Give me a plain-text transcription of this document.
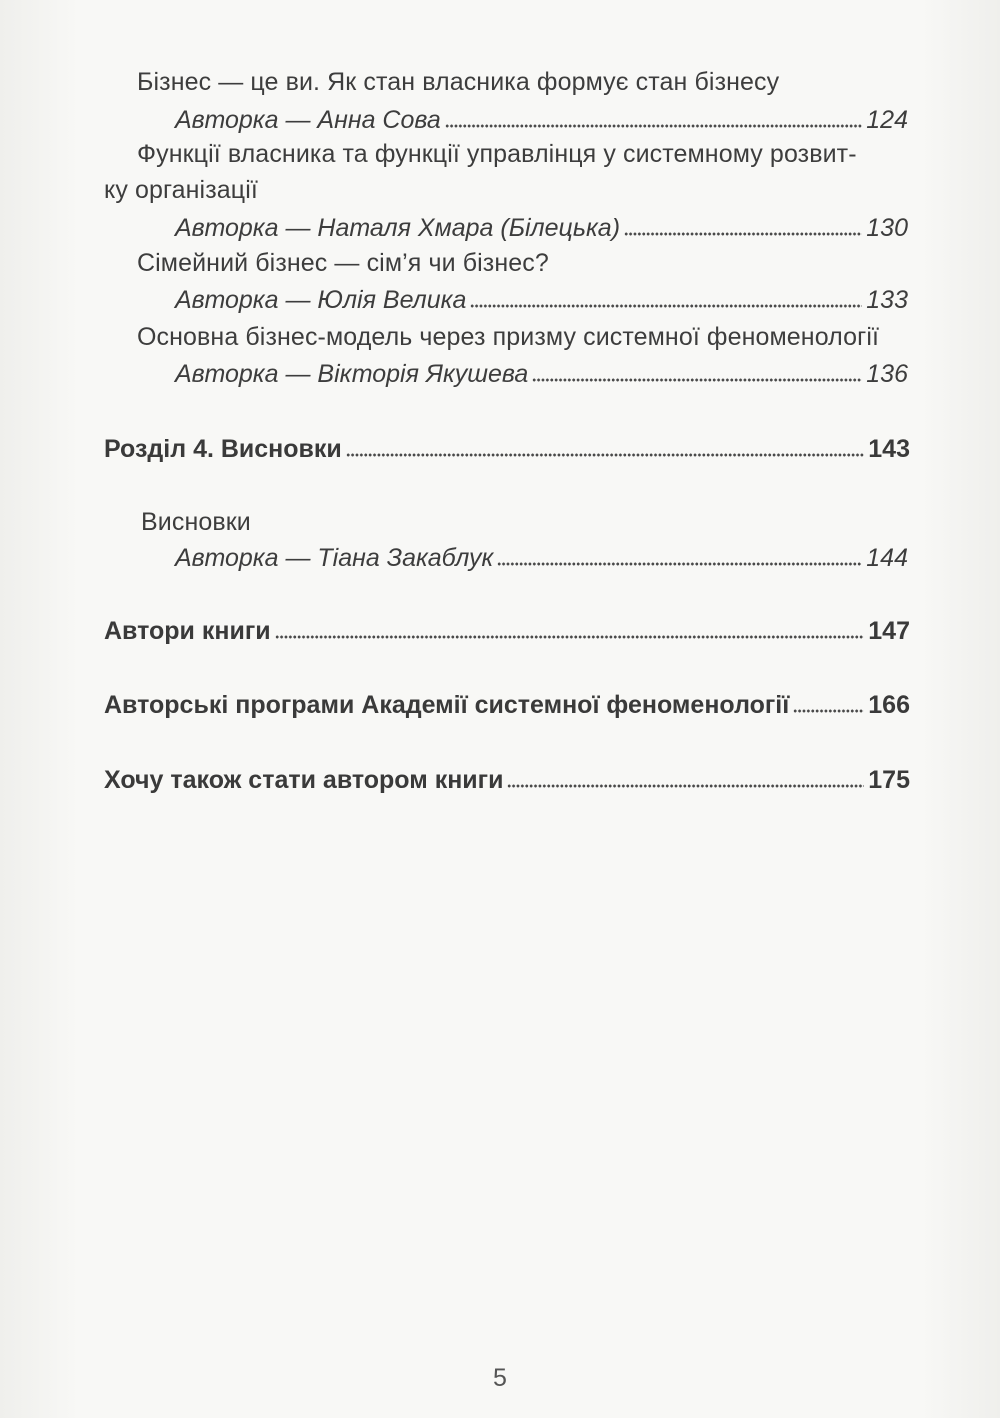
Бізнес — це ви. Як стан власника формує стан бізнесу
Авторка — Анна Сова	124
Функції власника та функції управлінця у системному розвит-
ку організації
Авторка — Наталя Хмара (Білецька)	130
Сімейний бізнес — сім’я чи бізнес?
Авторка — Юлія Велика	133
Основна бізнес-модель через призму системної феноменології
Авторка — Вікторія Якушева	136
Розділ 4. Висновки	143
Висновки
Авторка — Тіана Закаблук	144
Автори книги	147
Авторські програми Академії системної феноменології	166
Хочу також стати автором книги	175
5
